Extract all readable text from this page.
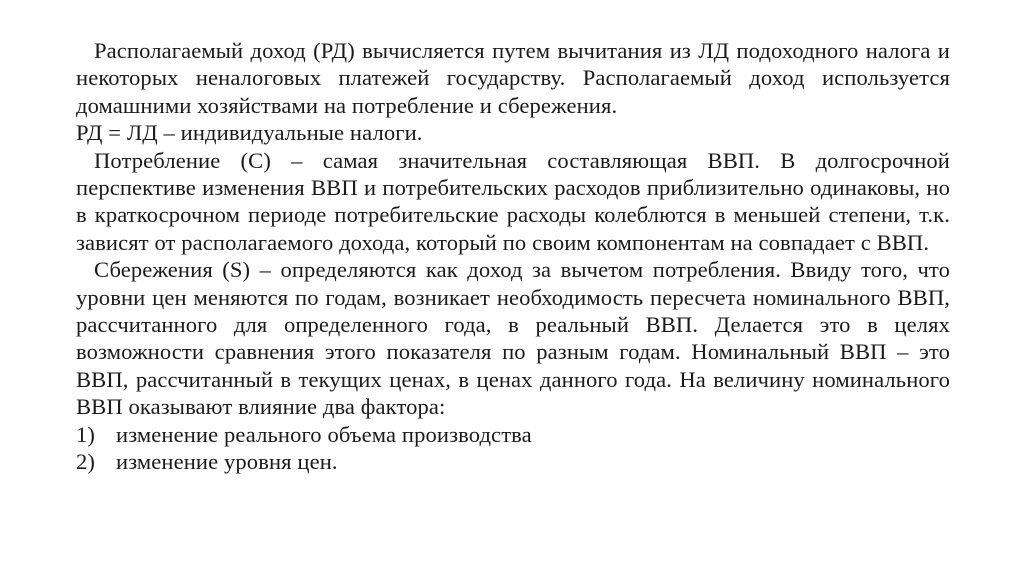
Располагаемый доход (РД) вычисляется путем вычитания из ЛД подоходного налога и некоторых неналоговых платежей государству. Располагаемый доход используется домашними хозяйствами на потребление и сбережения.

РД = ЛД – индивидуальные налоги.

Потребление (C) – самая значительная составляющая ВВП. В долгосрочной перспективе изменения ВВП и потребительских расходов приблизительно одинаковы, но в краткосрочном периоде потребительские расходы колеблются в меньшей степени, т.к. зависят от располагаемого дохода, который по своим компонентам на совпадает с ВВП.

Сбережения (S) – определяются как доход за вычетом потребления. Ввиду того, что уровни цен меняются по годам, возникает необходимость пересчета номинального ВВП, рассчитанного для определенного года, в реальный ВВП. Делается это в целях возможности сравнения этого показателя по разным годам. Номинальный ВВП – это ВВП, рассчитанный в текущих ценах, в ценах данного года. На величину номинального ВВП оказывают влияние два фактора:

1) изменение реального объема производства
2) изменение уровня цен.
